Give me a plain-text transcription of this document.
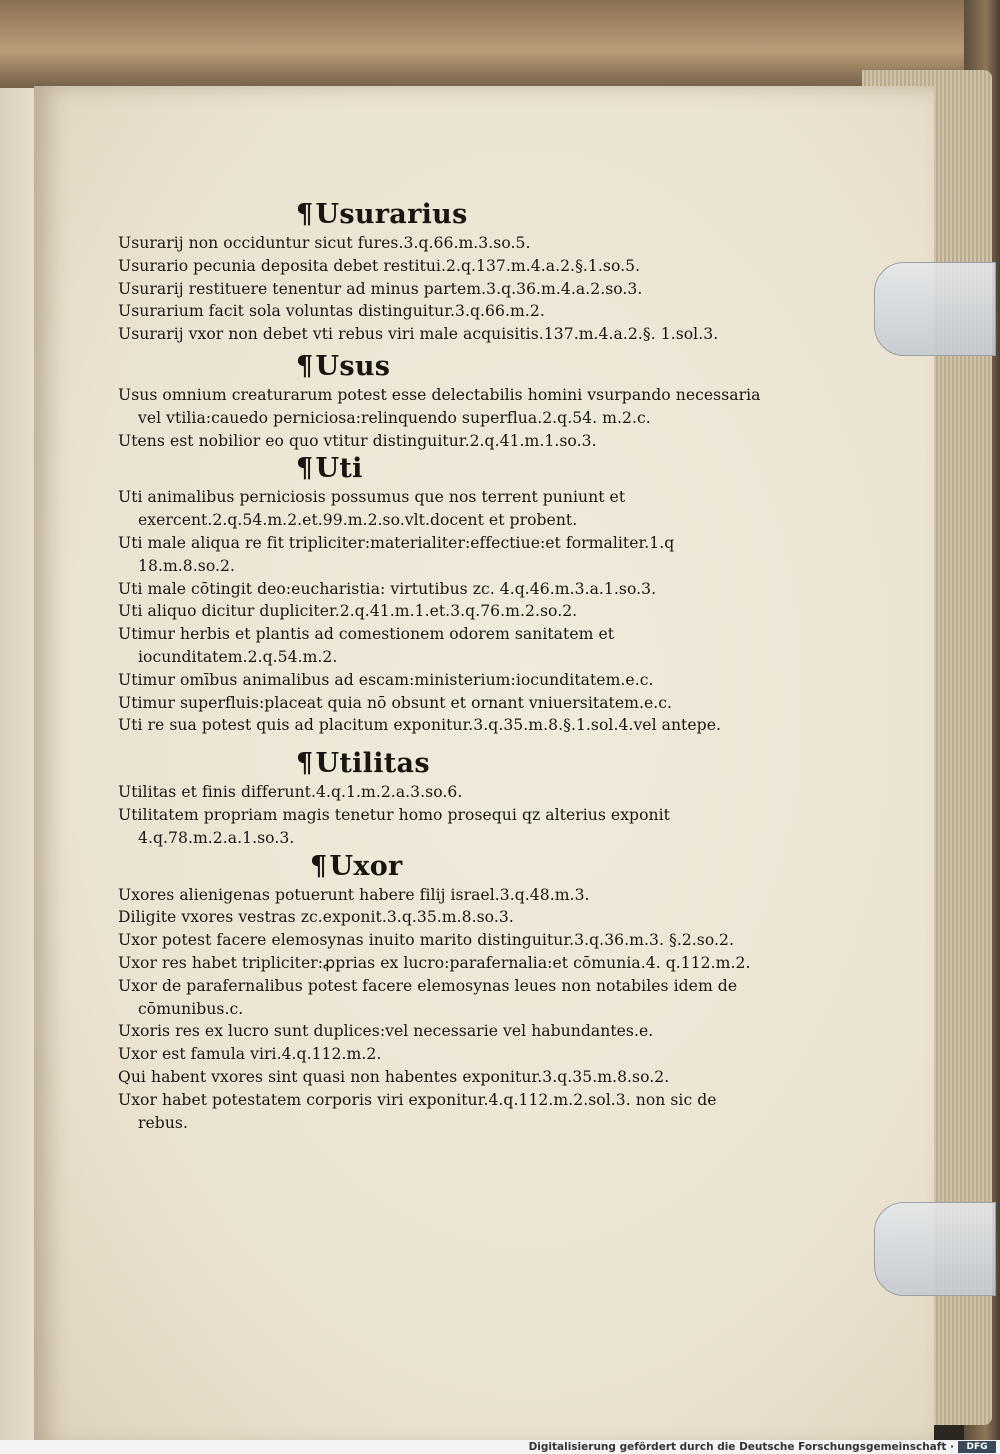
¶Usurarius

Usurarij non occiduntur sicut fures.3.q.66.m.3.so.5.

Usurario pecunia deposita debet restitui.2.q.137.m.4.a.2.§.1.so.5.

Usurarij restituere tenentur ad minus partem.3.q.36.m.4.a.2.so.3.

Usurarium facit sola voluntas distinguitur.3.q.66.m.2.

Usurarij vxor non debet vti rebus viri male acquisitis.137.m.4.a.2.§. 1.sol.3.

¶Usus

Usus omnium creaturarum potest esse delectabilis homini vsurpando necessaria vel vtilia:cauedo perniciosa:relinquendo superflua.2.q.54. m.2.c.

Utens est nobilior eo quo vtitur distinguitur.2.q.41.m.1.so.3.

¶Uti

Uti animalibus perniciosis possumus que nos terrent puniunt et exercent.2.q.54.m.2.et.99.m.2.so.vlt.docent et probent.

Uti male aliqua re fit tripliciter:materialiter:effectiue:et formaliter.1.q 18.m.8.so.2.

Uti male cōtingit deo:eucharistia: virtutibus zc. 4.q.46.m.3.a.1.so.3.

Uti aliquo dicitur dupliciter.2.q.41.m.1.et.3.q.76.m.2.so.2.

Utimur herbis et plantis ad comestionem odorem sanitatem et iocunditatem.2.q.54.m.2.

Utimur omībus animalibus ad escam:ministerium:iocunditatem.e.c.

Utimur superfluis:placeat quia nō obsunt et ornant vniuersitatem.e.c.

Uti re sua potest quis ad placitum exponitur.3.q.35.m.8.§.1.sol.4.vel antepe.

¶Utilitas

Utilitas et finis differunt.4.q.1.m.2.a.3.so.6.

Utilitatem propriam magis tenetur homo prosequi qz alterius exponit 4.q.78.m.2.a.1.so.3.

¶Uxor

Uxores alienigenas potuerunt habere filij israel.3.q.48.m.3.

Diligite vxores vestras zc.exponit.3.q.35.m.8.so.3.

Uxor potest facere elemosynas inuito marito distinguitur.3.q.36.m.3. §.2.so.2.

Uxor res habet tripliciter:ꝓprias ex lucro:parafernalia:et cōmunia.4. q.112.m.2.

Uxor de parafernalibus potest facere elemosynas leues non notabiles idem de cōmunibus.c.

Uxoris res ex lucro sunt duplices:vel necessarie vel habundantes.e.

Uxor est famula viri.4.q.112.m.2.

Qui habent vxores sint quasi non habentes exponitur.3.q.35.m.8.so.2.

Uxor habet potestatem corporis viri exponitur.4.q.112.m.2.sol.3. non sic de rebus.

Digitalisierung gefördert durch die Deutsche Forschungsgemeinschaft ·	DFG
